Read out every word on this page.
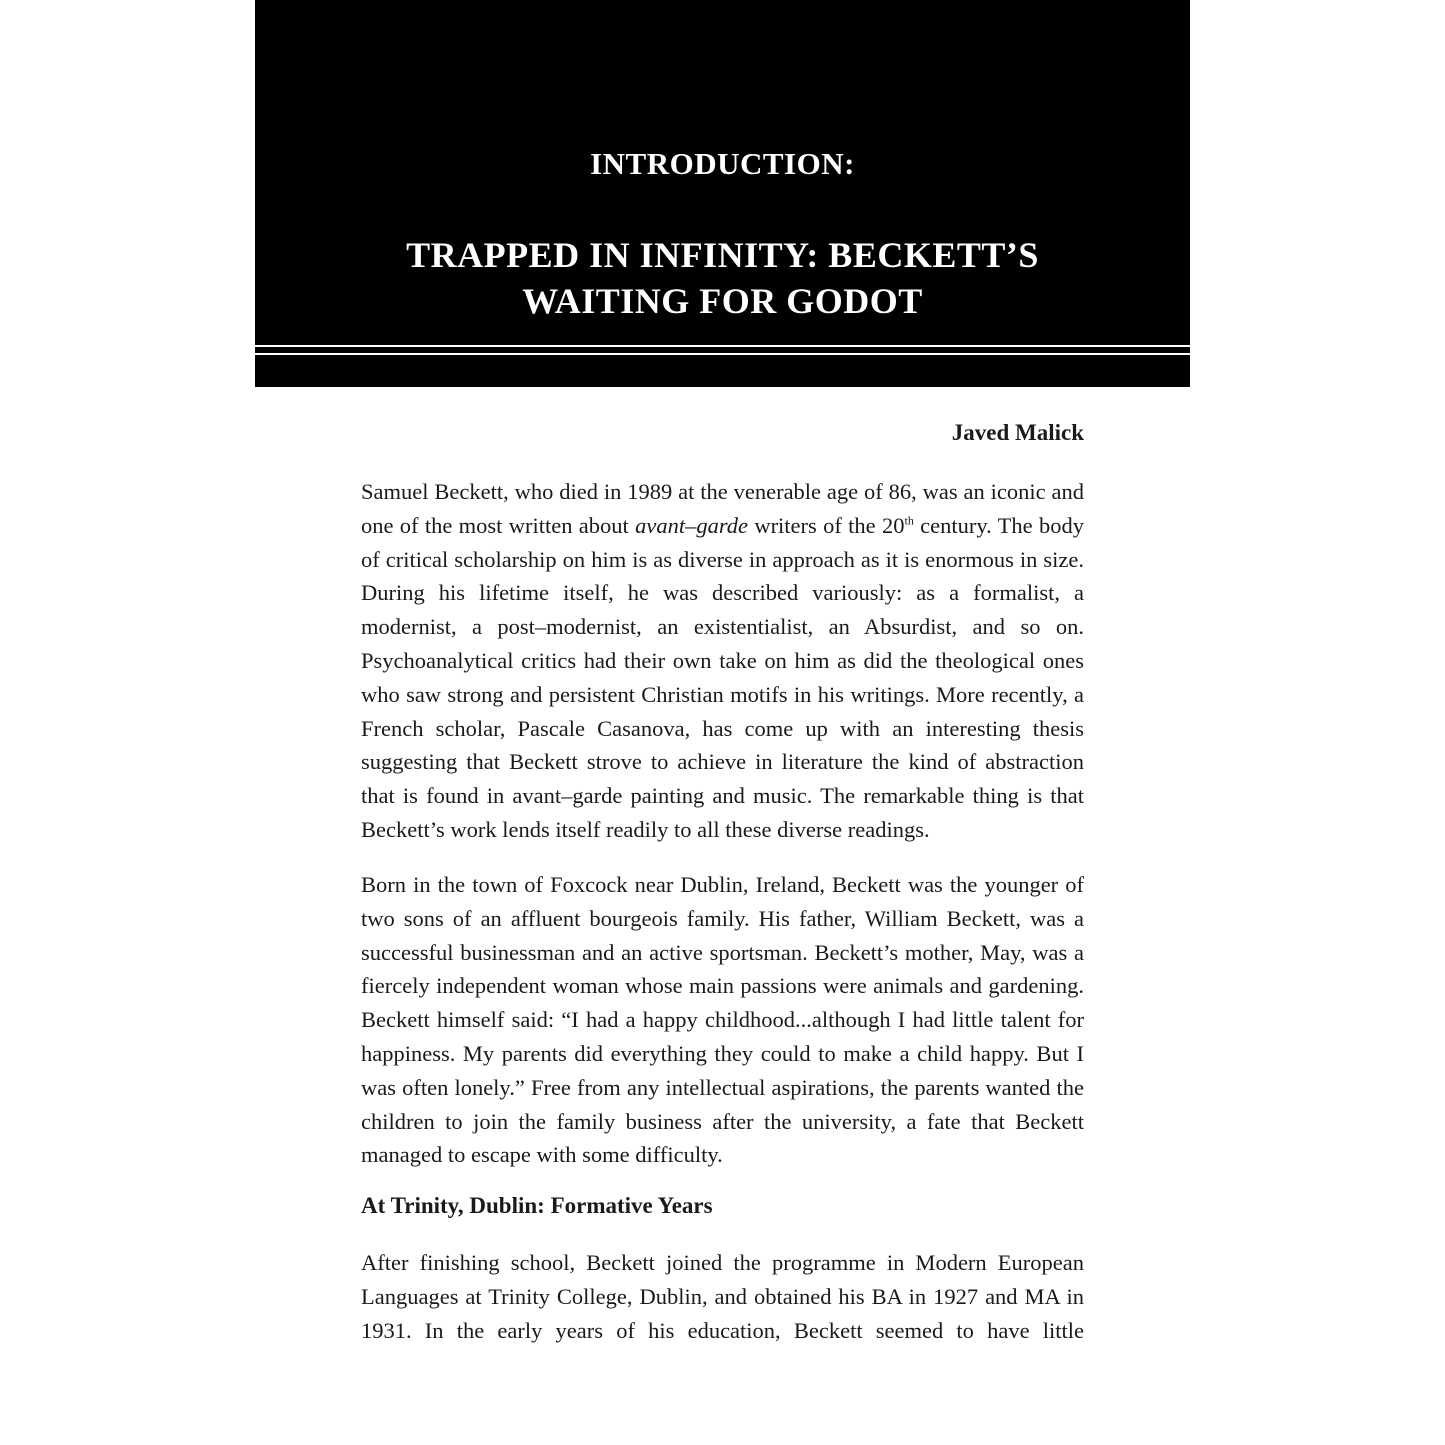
INTRODUCTION:
TRAPPED IN INFINITY: BECKETT’S
WAITING FOR GODOT

Javed Malick

Samuel Beckett, who died in 1989 at the venerable age of 86, was an iconic and one of the most written about avant–garde writers of the 20th century. The body of critical scholarship on him is as diverse in approach as it is enormous in size. During his lifetime itself, he was described variously: as a formalist, a modernist, a post–modernist, an existentialist, an Absurdist, and so on. Psychoanalytical critics had their own take on him as did the theological ones who saw strong and persistent Christian motifs in his writings. More recently, a French scholar, Pascale Casanova, has come up with an interesting thesis suggesting that Beckett strove to achieve in literature the kind of abstraction that is found in avant–garde painting and music. The remarkable thing is that Beckett’s work lends itself readily to all these diverse readings.

Born in the town of Foxcock near Dublin, Ireland, Beckett was the younger of two sons of an affluent bourgeois family. His father, William Beckett, was a successful businessman and an active sportsman. Beckett’s mother, May, was a fiercely independent woman whose main passions were animals and gardening. Beckett himself said: “I had a happy childhood...although I had little talent for happiness. My parents did everything they could to make a child happy. But I was often lonely.” Free from any intellectual aspirations, the parents wanted the children to join the family business after the university, a fate that Beckett managed to escape with some difficulty.

At Trinity, Dublin: Formative Years

After finishing school, Beckett joined the programme in Modern European Languages at Trinity College, Dublin, and obtained his BA in 1927 and MA in 1931. In the early years of his education, Beckett seemed to have little
